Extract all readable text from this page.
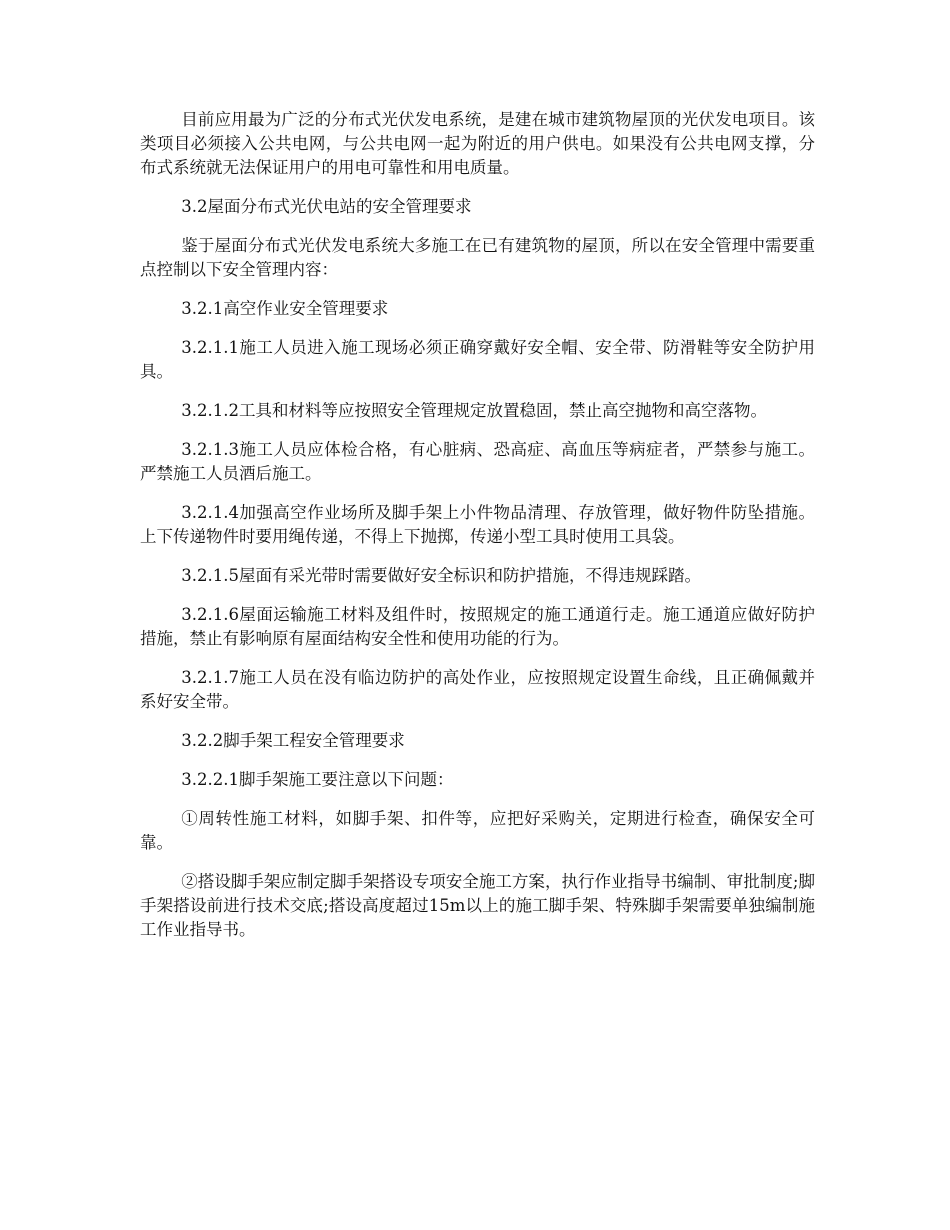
目前应用最为广泛的分布式光伏发电系统，是建在城市建筑物屋顶的光伏发电项目。该类项目必须接入公共电网，与公共电网一起为附近的用户供电。如果没有公共电网支撑，分布式系统就无法保证用户的用电可靠性和用电质量。

3.2屋面分布式光伏电站的安全管理要求

鉴于屋面分布式光伏发电系统大多施工在已有建筑物的屋顶，所以在安全管理中需要重点控制以下安全管理内容：

3.2.1高空作业安全管理要求

3.2.1.1施工人员进入施工现场必须正确穿戴好安全帽、安全带、防滑鞋等安全防护用具。

3.2.1.2工具和材料等应按照安全管理规定放置稳固，禁止高空抛物和高空落物。

3.2.1.3施工人员应体检合格，有心脏病、恐高症、高血压等病症者，严禁参与施工。严禁施工人员酒后施工。

3.2.1.4加强高空作业场所及脚手架上小件物品清理、存放管理，做好物件防坠措施。上下传递物件时要用绳传递，不得上下抛掷，传递小型工具时使用工具袋。

3.2.1.5屋面有采光带时需要做好安全标识和防护措施，不得违规踩踏。

3.2.1.6屋面运输施工材料及组件时，按照规定的施工通道行走。施工通道应做好防护措施，禁止有影响原有屋面结构安全性和使用功能的行为。

3.2.1.7施工人员在没有临边防护的高处作业，应按照规定设置生命线，且正确佩戴并系好安全带。

3.2.2脚手架工程安全管理要求

3.2.2.1脚手架施工要注意以下问题：

①周转性施工材料，如脚手架、扣件等，应把好采购关，定期进行检查，确保安全可靠。

②搭设脚手架应制定脚手架搭设专项安全施工方案，执行作业指导书编制、审批制度;脚手架搭设前进行技术交底;搭设高度超过15m以上的施工脚手架、特殊脚手架需要单独编制施工作业指导书。
